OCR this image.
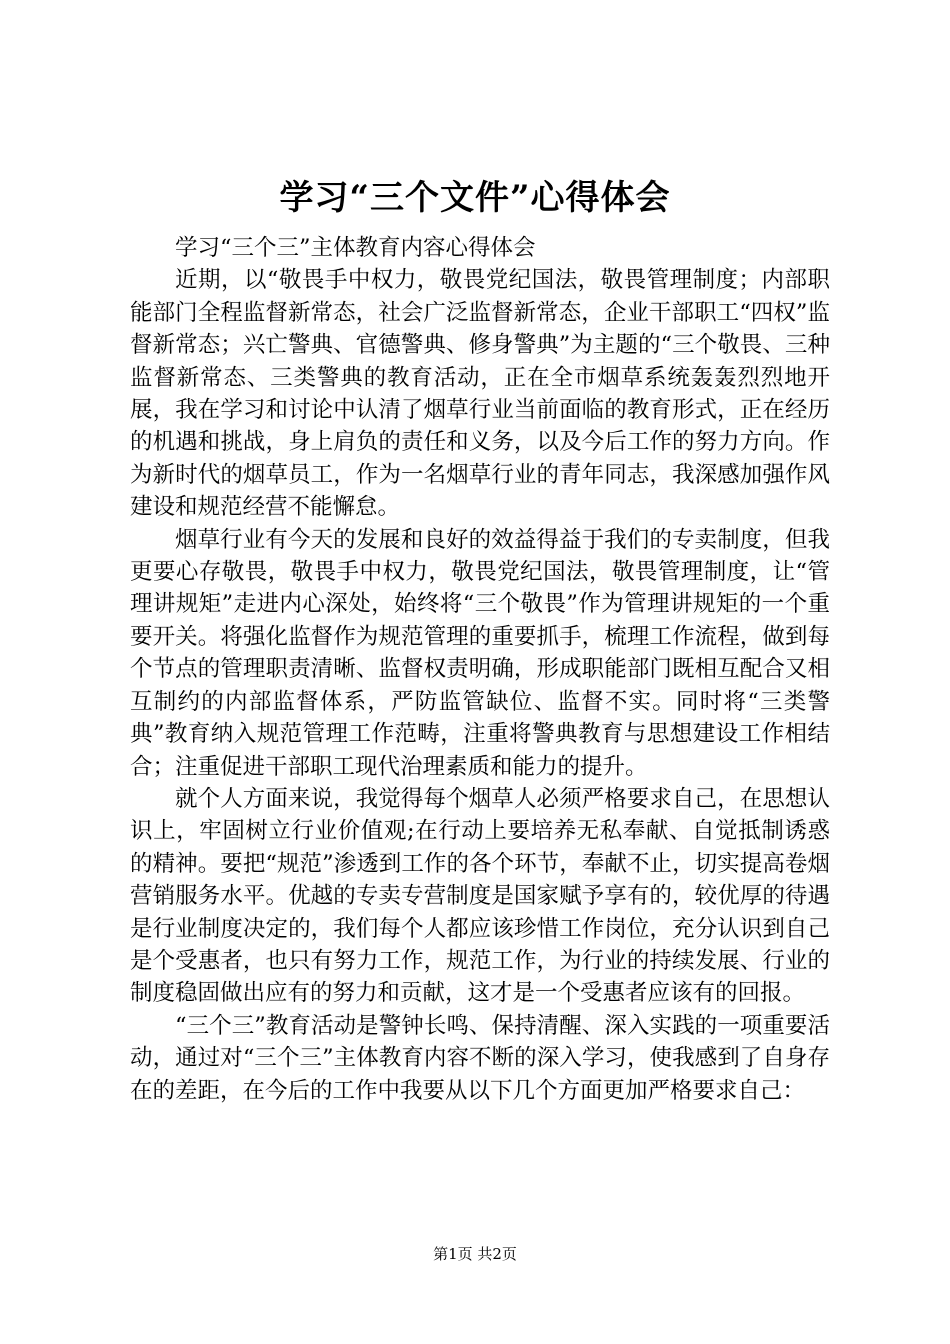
学习“三个文件”心得体会

学习“三个三”主体教育内容心得体会

近期，以“敬畏手中权力，敬畏党纪国法，敬畏管理制度；内部职能部门全程监督新常态，社会广泛监督新常态，企业干部职工“四权”监督新常态；兴亡警典、官德警典、修身警典”为主题的“三个敬畏、三种监督新常态、三类警典的教育活动，正在全市烟草系统轰轰烈烈地开展，我在学习和讨论中认清了烟草行业当前面临的教育形式，正在经历的机遇和挑战，身上肩负的责任和义务，以及今后工作的努力方向。作为新时代的烟草员工，作为一名烟草行业的青年同志，我深感加强作风建设和规范经营不能懈怠。

烟草行业有今天的发展和良好的效益得益于我们的专卖制度，但我更要心存敬畏，敬畏手中权力，敬畏党纪国法，敬畏管理制度，让“管理讲规矩”走进内心深处，始终将“三个敬畏”作为管理讲规矩的一个重要开关。将强化监督作为规范管理的重要抓手，梳理工作流程，做到每个节点的管理职责清晰、监督权责明确，形成职能部门既相互配合又相互制约的内部监督体系，严防监管缺位、监督不实。同时将“三类警典”教育纳入规范管理工作范畴，注重将警典教育与思想建设工作相结合；注重促进干部职工现代治理素质和能力的提升。

就个人方面来说，我觉得每个烟草人必须严格要求自己，在思想认识上，牢固树立行业价值观;在行动上要培养无私奉献、自觉抵制诱惑的精神。要把“规范”渗透到工作的各个环节，奉献不止，切实提高卷烟营销服务水平。优越的专卖专营制度是国家赋予享有的，较优厚的待遇是行业制度决定的，我们每个人都应该珍惜工作岗位，充分认识到自己是个受惠者，也只有努力工作，规范工作，为行业的持续发展、行业的制度稳固做出应有的努力和贡献，这才是一个受惠者应该有的回报。

“三个三”教育活动是警钟长鸣、保持清醒、深入实践的一项重要活动，通过对“三个三”主体教育内容不断的深入学习，使我感到了自身存在的差距，在今后的工作中我要从以下几个方面更加严格要求自己：

第1页 共2页
